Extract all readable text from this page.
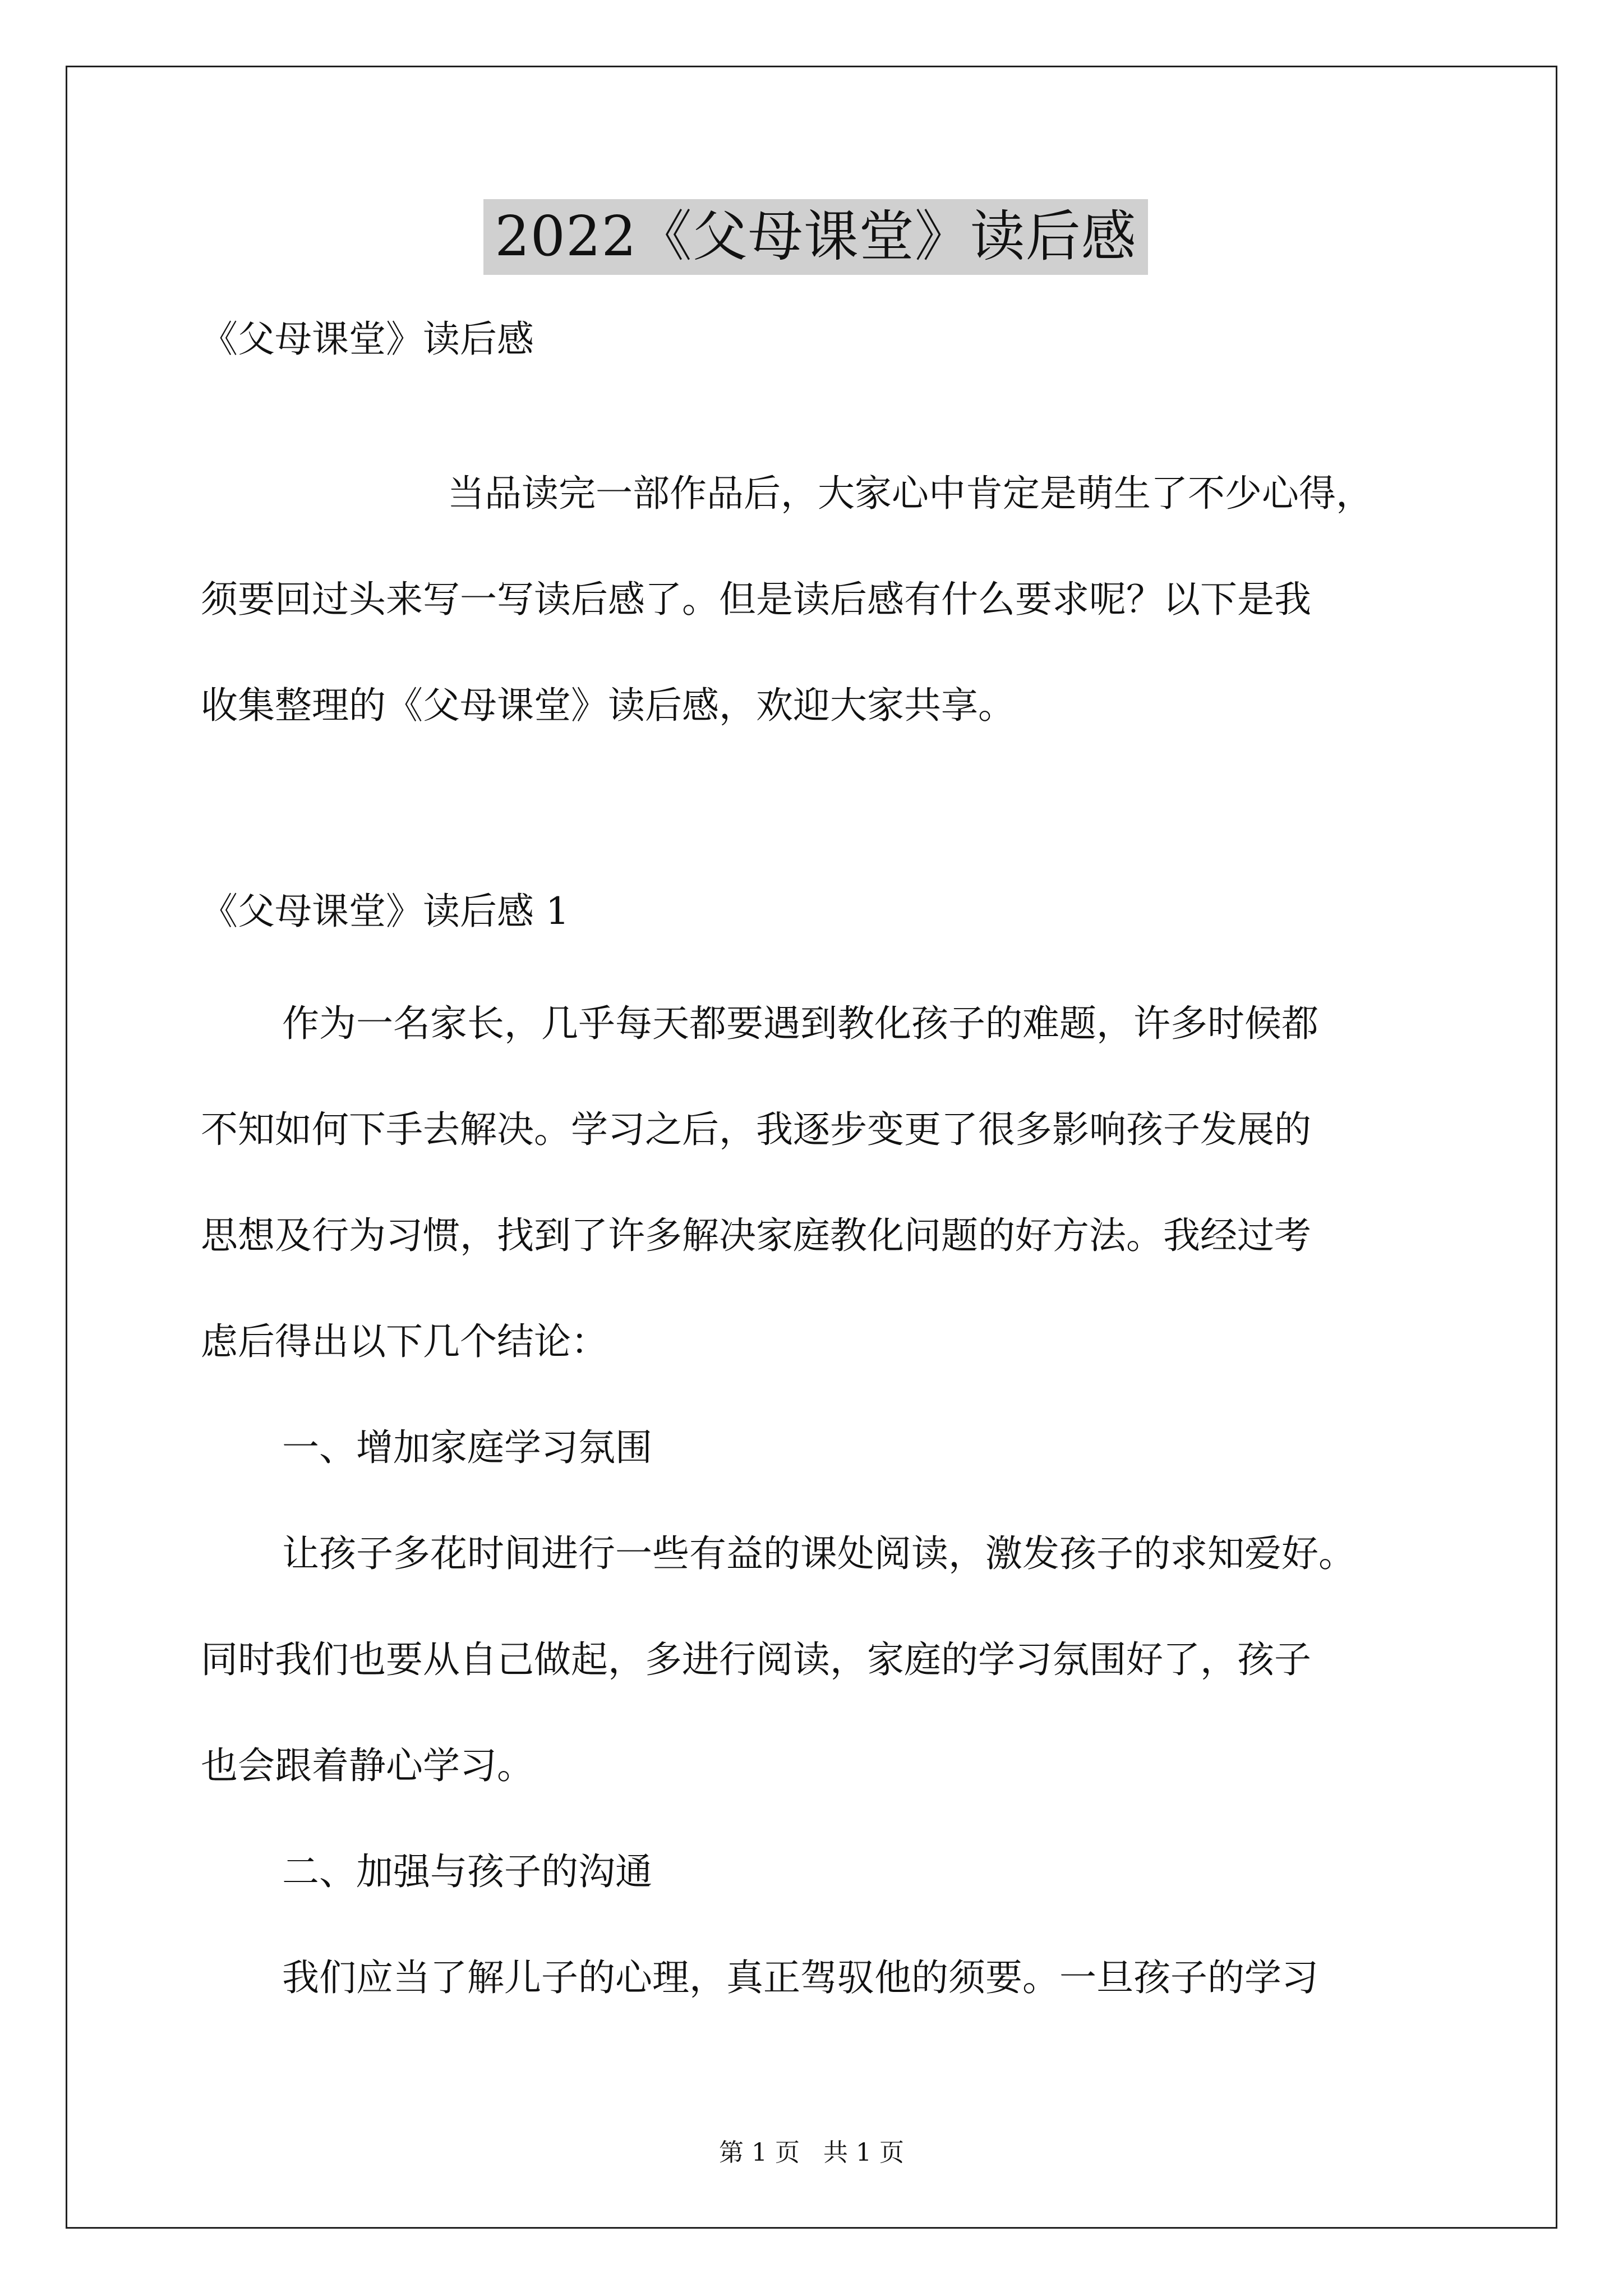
2022《父母课堂》读后感
《父母课堂》读后感

当品读完一部作品后，大家心中肯定是萌生了不少心得，

须要回过头来写一写读后感了。但是读后感有什么要求呢？以下是我

收集整理的《父母课堂》读后感，欢迎大家共享。

《父母课堂》读后感 1

作为一名家长，几乎每天都要遇到教化孩子的难题，许多时候都

不知如何下手去解决。学习之后，我逐步变更了很多影响孩子发展的

思想及行为习惯，找到了许多解决家庭教化问题的好方法。我经过考

虑后得出以下几个结论：

一、增加家庭学习氛围

让孩子多花时间进行一些有益的课处阅读，激发孩子的求知爱好。

同时我们也要从自己做起，多进行阅读，家庭的学习氛围好了，孩子

也会跟着静心学习。

二、加强与孩子的沟通

我们应当了解儿子的心理，真正驾驭他的须要。一旦孩子的学习

第 1 页 共 1 页
